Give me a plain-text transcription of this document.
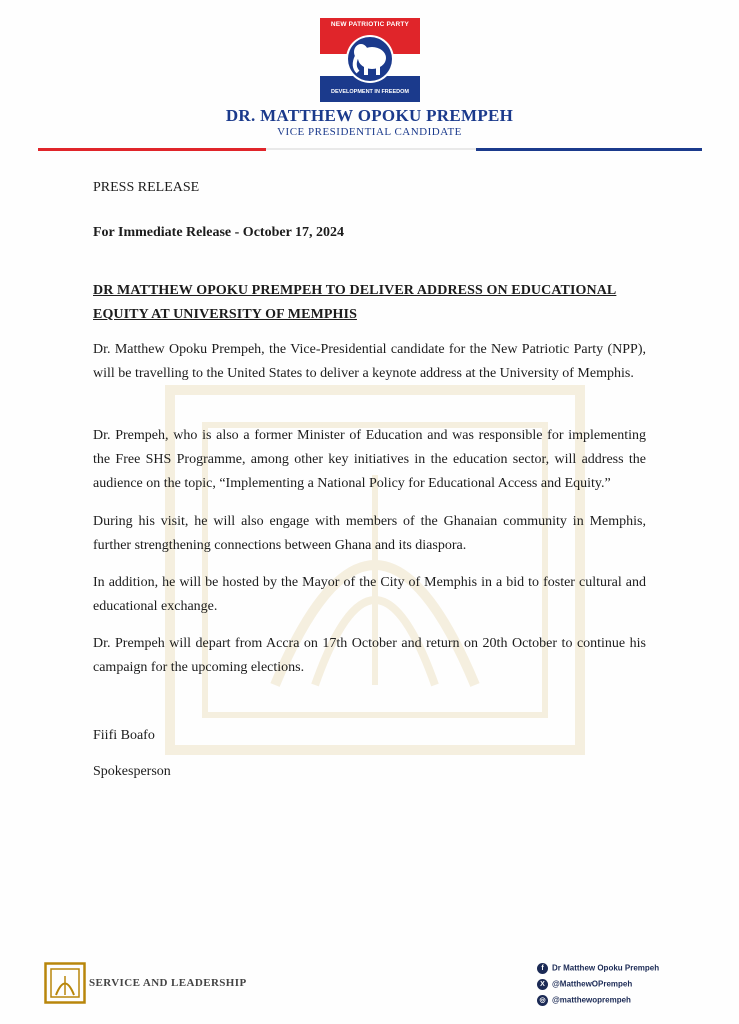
NEW PATRIOTIC PARTY
DEVELOPMENT IN FREEDOM
DR. MATTHEW OPOKU PREMPEH
VICE PRESIDENTIAL CANDIDATE
PRESS RELEASE
For Immediate Release - October 17, 2024
DR MATTHEW OPOKU PREMPEH TO DELIVER ADDRESS ON EDUCATIONAL EQUITY AT UNIVERSITY OF MEMPHIS

Dr. Matthew Opoku Prempeh, the Vice-Presidential candidate for the New Patriotic Party (NPP), will be travelling to the United States to deliver a keynote address at the University of Memphis.

Dr. Prempeh, who is also a former Minister of Education and was responsible for implementing the Free SHS Programme, among other key initiatives in the education sector, will address the audience on the topic, “Implementing a National Policy for Educational Access and Equity.”

During his visit, he will also engage with members of the Ghanaian community in Memphis, further strengthening connections between Ghana and its diaspora.

In addition, he will be hosted by the Mayor of the City of Memphis in a bid to foster cultural and educational exchange.

Dr. Prempeh will depart from Accra on 17th October and return on 20th October to continue his campaign for the upcoming elections.

Fiifi Boafo
Spokesperson
SERVICE AND LEADERSHIP
f Dr Matthew Opoku Prempeh
X @MatthewOPrempeh
◎ @matthewoprempeh
